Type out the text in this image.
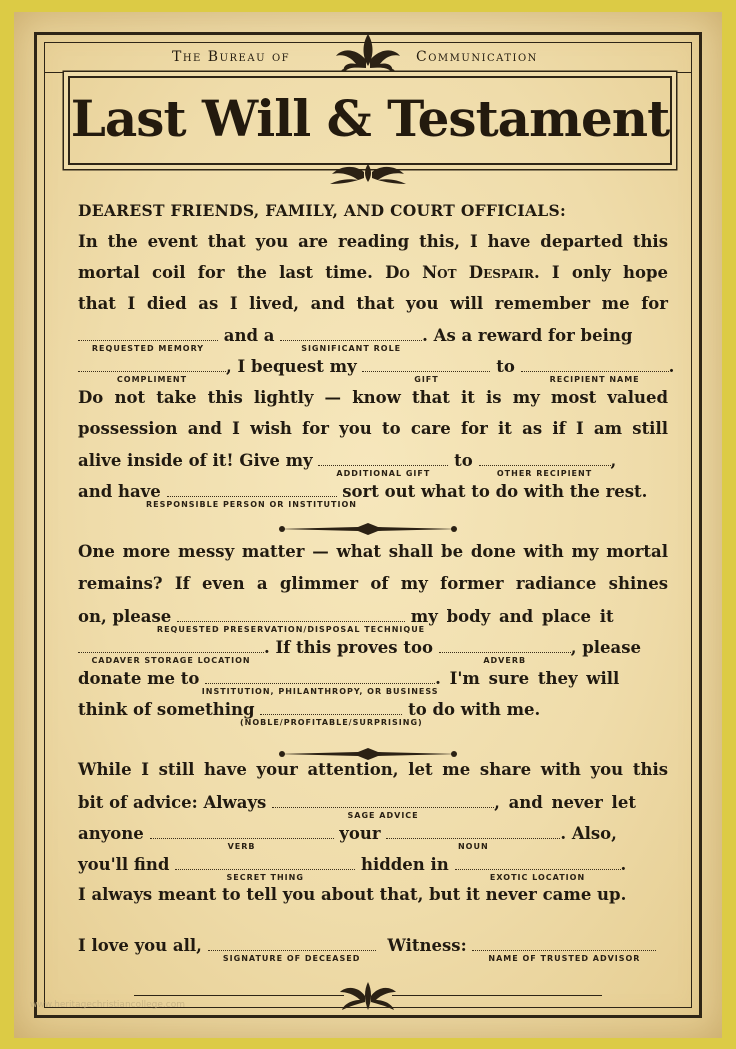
The Bureau of	Communication
Last Will & Testament
DEAREST FRIENDS, FAMILY, AND COURT OFFICIALS:
In the event that you are reading this, I have departed this
mortal coil for the last time. Do Not Despair. I only hope
that I died as I lived, and that you will remember me for
REQUESTED MEMORY
and a
SIGNIFICANT ROLE
. As a reward for being
COMPLIMENT
, I bequest my
GIFT
to
RECIPIENT NAME
.
Do not take this lightly — know that it is my most valued
possession and I wish for you to care for it as if I am still
alive inside of it! Give my
ADDITIONAL GIFT
to
OTHER RECIPIENT
,
and have
RESPONSIBLE PERSON OR INSTITUTION
sort out what to do with the rest.
One more messy matter — what shall be done with my mortal
remains? If even a glimmer of my former radiance shines
on, please
REQUESTED PRESERVATION/DISPOSAL TECHNIQUE
my body and place it
CADAVER STORAGE LOCATION
. If this proves too
ADVERB
, please
donate me to
INSTITUTION, PHILANTHROPY, OR BUSINESS
. I'm sure they will
think of something
(NOBLE/PROFITABLE/SURPRISING)
to do with me.
While I still have your attention, let me share with you this
bit of advice: Always
SAGE ADVICE
, and never let
anyone
VERB
your
NOUN
. Also,
you'll find
SECRET THING
hidden in
EXOTIC LOCATION
.
I always meant to tell you about that, but it never came up.
I love you all,
SIGNATURE OF DECEASED
Witness:
NAME OF TRUSTED ADVISOR
www.heritagechristiancollege.com
